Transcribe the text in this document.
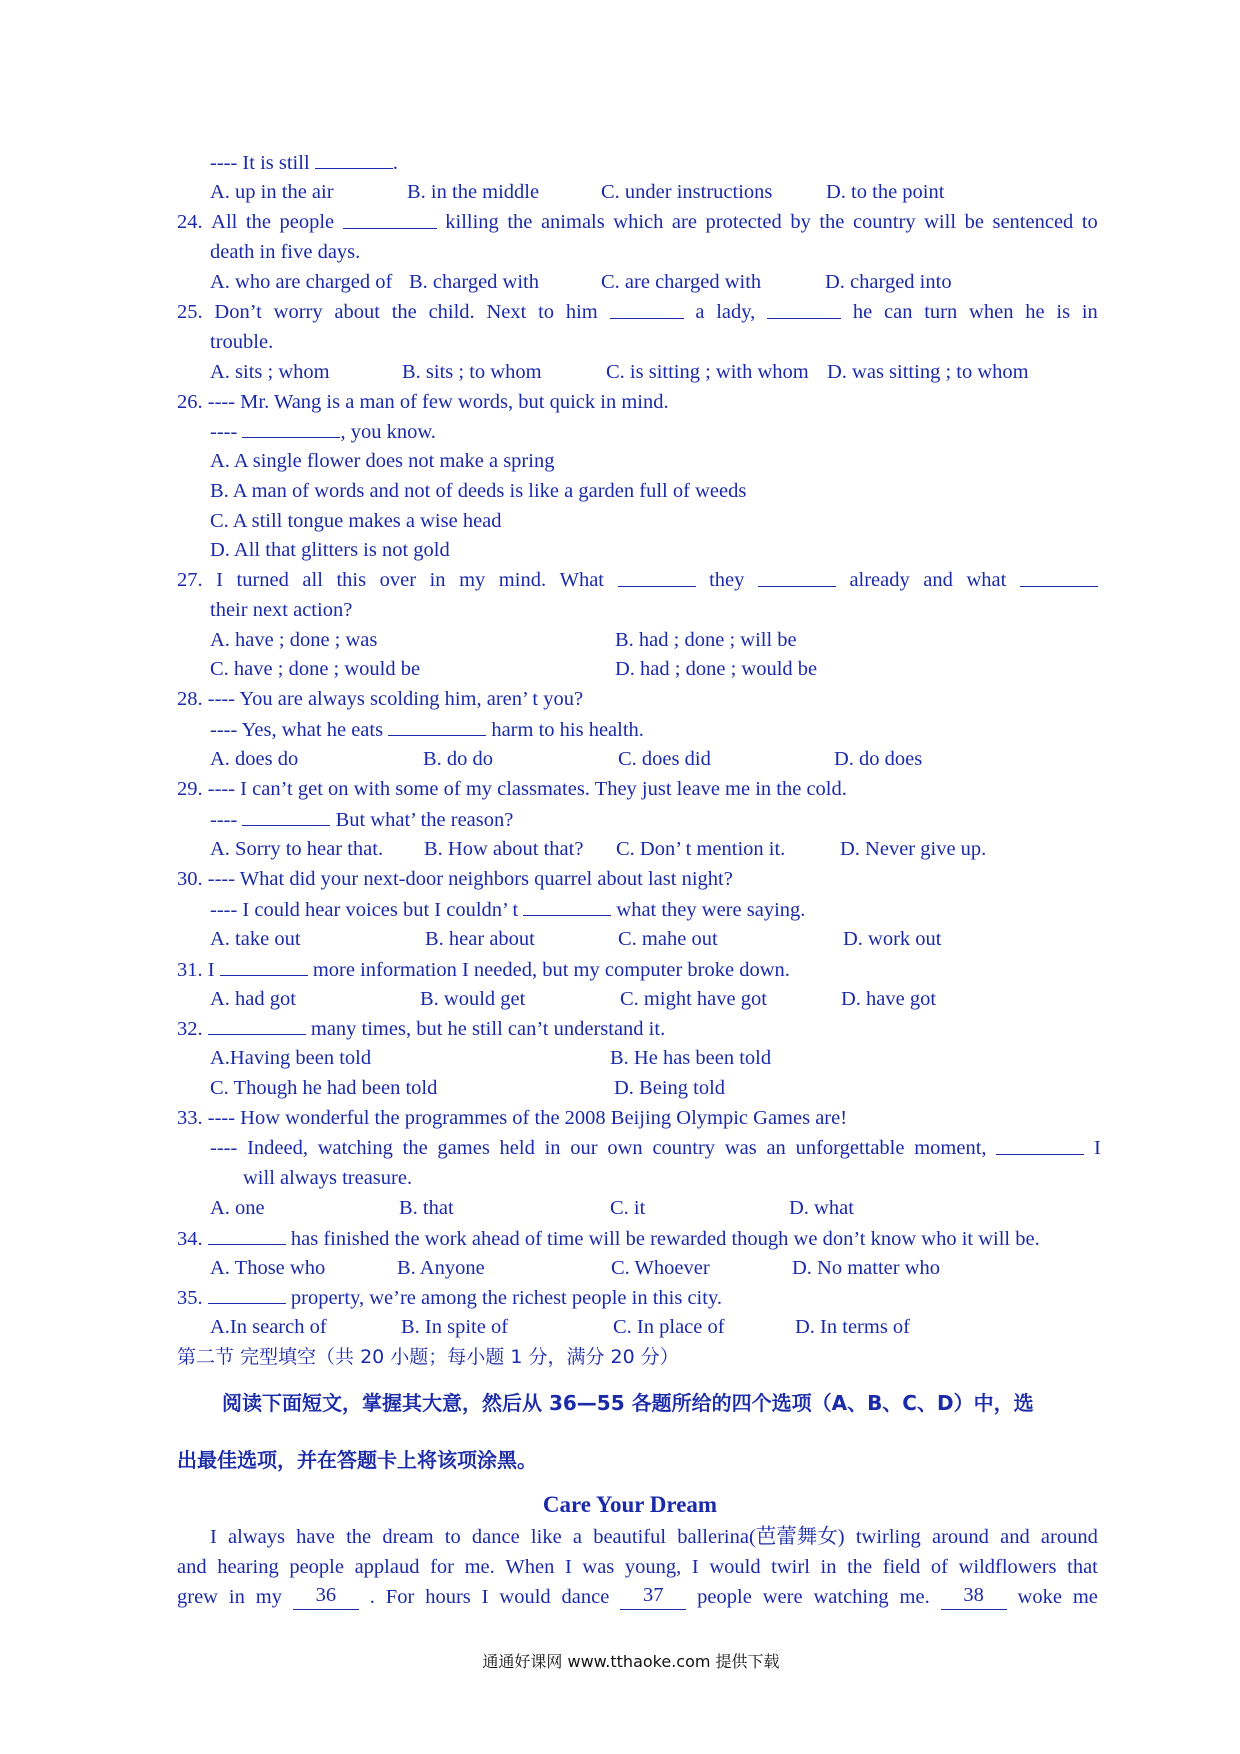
---- It is still	.
A. up in the air	B. in the middle	C. under instructions	D. to the point
24. All the people	killing the animals which are protected by the country will be sentenced to
death in five days.
A. who are charged of B. charged with	C. are charged with	D. charged into
25. Don’t worry about the child. Next to him	a lady,	he can turn when he is in
trouble.
A. sits ; whom	B. sits ; to whom	C. is sitting ; with whom D. was sitting ; to whom
26. ---- Mr. Wang is a man of few words, but quick in mind.
----	, you know.
A. A single flower does not make a spring
B. A man of words and not of deeds is like a garden full of weeds
C. A still tongue makes a wise head
D. All that glitters is not gold
27. I turned all this over in my mind. What	they	already and what
their next action?
A. have ; done ; was	B. had ; done ; will be
C. have ; done ; would be	D. had ; done ; would be
28. ---- You are always scolding him, aren’ t you?
---- Yes, what he eats	harm to his health.
A. does do	B. do do	C. does did	D. do does
29. ---- I can’t get on with some of my classmates. They just leave me in the cold.
----	But what’ the reason?
A. Sorry to hear that. B. How about that? C. Don’ t mention it.	D. Never give up.
30. ---- What did your next-door neighbors quarrel about last night?
---- I could hear voices but I couldn’ t	what they were saying.
A. take out	B. hear about	C. mahe out	D. work out
31. I	more information I needed, but my computer broke down.
A. had got	B. would get	C. might have got	D. have got
32.	many times, but he still can’t understand it.
A.Having been told	B. He has been told
C. Though he had been told	D. Being told
33. ---- How wonderful the programmes of the 2008 Beijing Olympic Games are!
---- Indeed, watching the games held in our own country was an unforgettable moment,	I
will always treasure.
A. one	B. that	C. it	D. what
34.	has finished the work ahead of time will be rewarded though we don’t know who it will be.
A. Those who	B. Anyone	C. Whoever	D. No matter who
35.	property, we’re among the richest people in this city.
A.In search of	B. In spite of	C. In place of	D. In terms of
第二节 完型填空（共 20 小题；每小题 1 分，满分 20 分）
阅读下面短文，掌握其大意，然后从 36—55 各题所给的四个选项（A、B、C、D）中，选
出最佳选项，并在答题卡上将该项涂黑。
Care Your Dream
I always have the dream to dance like a beautiful ballerina(芭蕾舞女) twirling around and around
and hearing people applaud for me. When I was young, I would twirl in the field of wildflowers that
grew in my	36	. For hours I would dance	37	people were watching me.	38	woke me
通通好课网 www.tthaoke.com 提供下载
